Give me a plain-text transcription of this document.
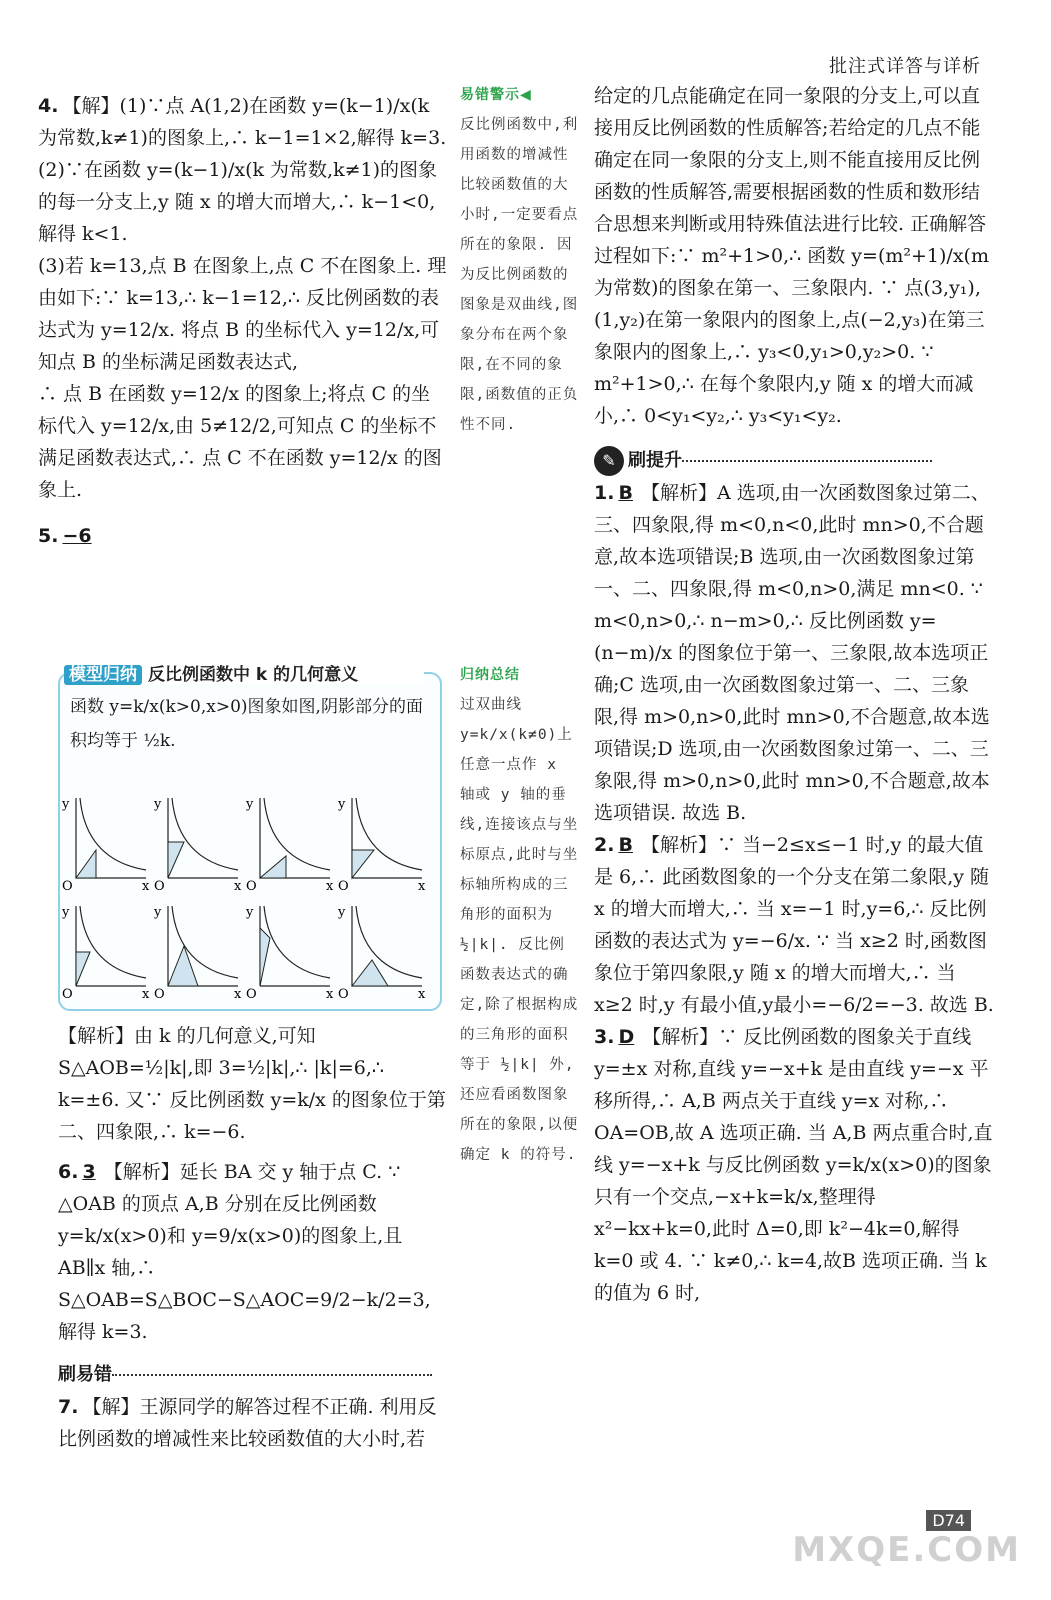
批注式详答与详析

4. 【解】(1)∵点 A(1,2)在函数 y=(k−1)/x(k 为常数,k≠1)的图象上,∴ k−1=1×2,解得 k=3.

(2)∵在函数 y=(k−1)/x(k 为常数,k≠1)的图象的每一分支上,y 随 x 的增大而增大,∴ k−1<0,解得 k<1.

(3)若 k=13,点 B 在图象上,点 C 不在图象上. 理由如下:∵ k=13,∴ k−1=12,∴ 反比例函数的表达式为 y=12/x. 将点 B 的坐标代入 y=12/x,可知点 B 的坐标满足函数表达式,

∴ 点 B 在函数 y=12/x 的图象上;将点 C 的坐标代入 y=12/x,由 5≠12/2,可知点 C 的坐标不满足函数表达式,∴ 点 C 不在函数 y=12/x 的图象上.

5. −6

模型归纳 反比例函数中 k 的几何意义
函数 y=k/x(k>0,x>0)图象如图,阴影部分的面积均等于 ½k.
y
O	x
y
O	x
y
O	x
y
O	x
y
O	x
y
O	x
y
O	x
y
O	x

【解析】由 k 的几何意义,可知 S△AOB=½|k|,即 3=½|k|,∴ |k|=6,∴ k=±6. 又∵ 反比例函数 y=k/x 的图象位于第二、四象限,∴ k=−6.

6. 3 【解析】延长 BA 交 y 轴于点 C. ∵ △OAB 的顶点 A,B 分别在反比例函数 y=k/x(x>0)和 y=9/x(x>0)的图象上,且 AB∥x 轴,∴ S△OAB=S△BOC−S△AOC=9/2−k/2=3,解得 k=3.

刷易错

7. 【解】王源同学的解答过程不正确. 利用反比例函数的增减性来比较函数值的大小时,若

易错警示◀

反比例函数中,利用函数的增减性比较函数值的大小时,一定要看点所在的象限. 因为反比例函数的图象是双曲线,图象分布在两个象限,在不同的象限,函数值的正负性不同.

归纳总结

过双曲线 y=k/x(k≠0)上任意一点作 x 轴或 y 轴的垂线,连接该点与坐标原点,此时与坐标轴所构成的三角形的面积为 ½|k|. 反比例函数表达式的确定,除了根据构成的三角形的面积等于 ½|k| 外,还应看函数图象所在的象限,以便确定 k 的符号.

给定的几点能确定在同一象限的分支上,可以直接用反比例函数的性质解答;若给定的几点不能确定在同一象限的分支上,则不能直接用反比例函数的性质解答,需要根据函数的性质和数形结合思想来判断或用特殊值法进行比较. 正确解答过程如下:∵ m²+1>0,∴ 函数 y=(m²+1)/x(m 为常数)的图象在第一、三象限内. ∵ 点(3,y₁),(1,y₂)在第一象限内的图象上,点(−2,y₃)在第三象限内的图象上,∴ y₃<0,y₁>0,y₂>0. ∵ m²+1>0,∴ 在每个象限内,y 随 x 的增大而减小,∴ 0<y₁<y₂,∴ y₃<y₁<y₂.

✎ 刷提升

1. B 【解析】A 选项,由一次函数图象过第二、三、四象限,得 m<0,n<0,此时 mn>0,不合题意,故本选项错误;B 选项,由一次函数图象过第一、二、四象限,得 m<0,n>0,满足 mn<0. ∵ m<0,n>0,∴ n−m>0,∴ 反比例函数 y=(n−m)/x 的图象位于第一、三象限,故本选项正确;C 选项,由一次函数图象过第一、二、三象限,得 m>0,n>0,此时 mn>0,不合题意,故本选项错误;D 选项,由一次函数图象过第一、二、三象限,得 m>0,n>0,此时 mn>0,不合题意,故本选项错误. 故选 B.

2. B 【解析】∵ 当−2≤x≤−1 时,y 的最大值是 6,∴ 此函数图象的一个分支在第二象限,y 随 x 的增大而增大,∴ 当 x=−1 时,y=6,∴ 反比例函数的表达式为 y=−6/x. ∵ 当 x≥2 时,函数图象位于第四象限,y 随 x 的增大而增大,∴ 当 x≥2 时,y 有最小值,y最小=−6/2=−3. 故选 B.

3. D 【解析】∵ 反比例函数的图象关于直线 y=±x 对称,直线 y=−x+k 是由直线 y=−x 平移所得,∴ A,B 两点关于直线 y=x 对称,∴ OA=OB,故 A 选项正确. 当 A,B 两点重合时,直线 y=−x+k 与反比例函数 y=k/x(x>0)的图象只有一个交点,−x+k=k/x,整理得 x²−kx+k=0,此时 Δ=0,即 k²−4k=0,解得 k=0 或 4. ∵ k≠0,∴ k=4,故B 选项正确. 当 k 的值为 6 时,

D74
MXQE.COM
